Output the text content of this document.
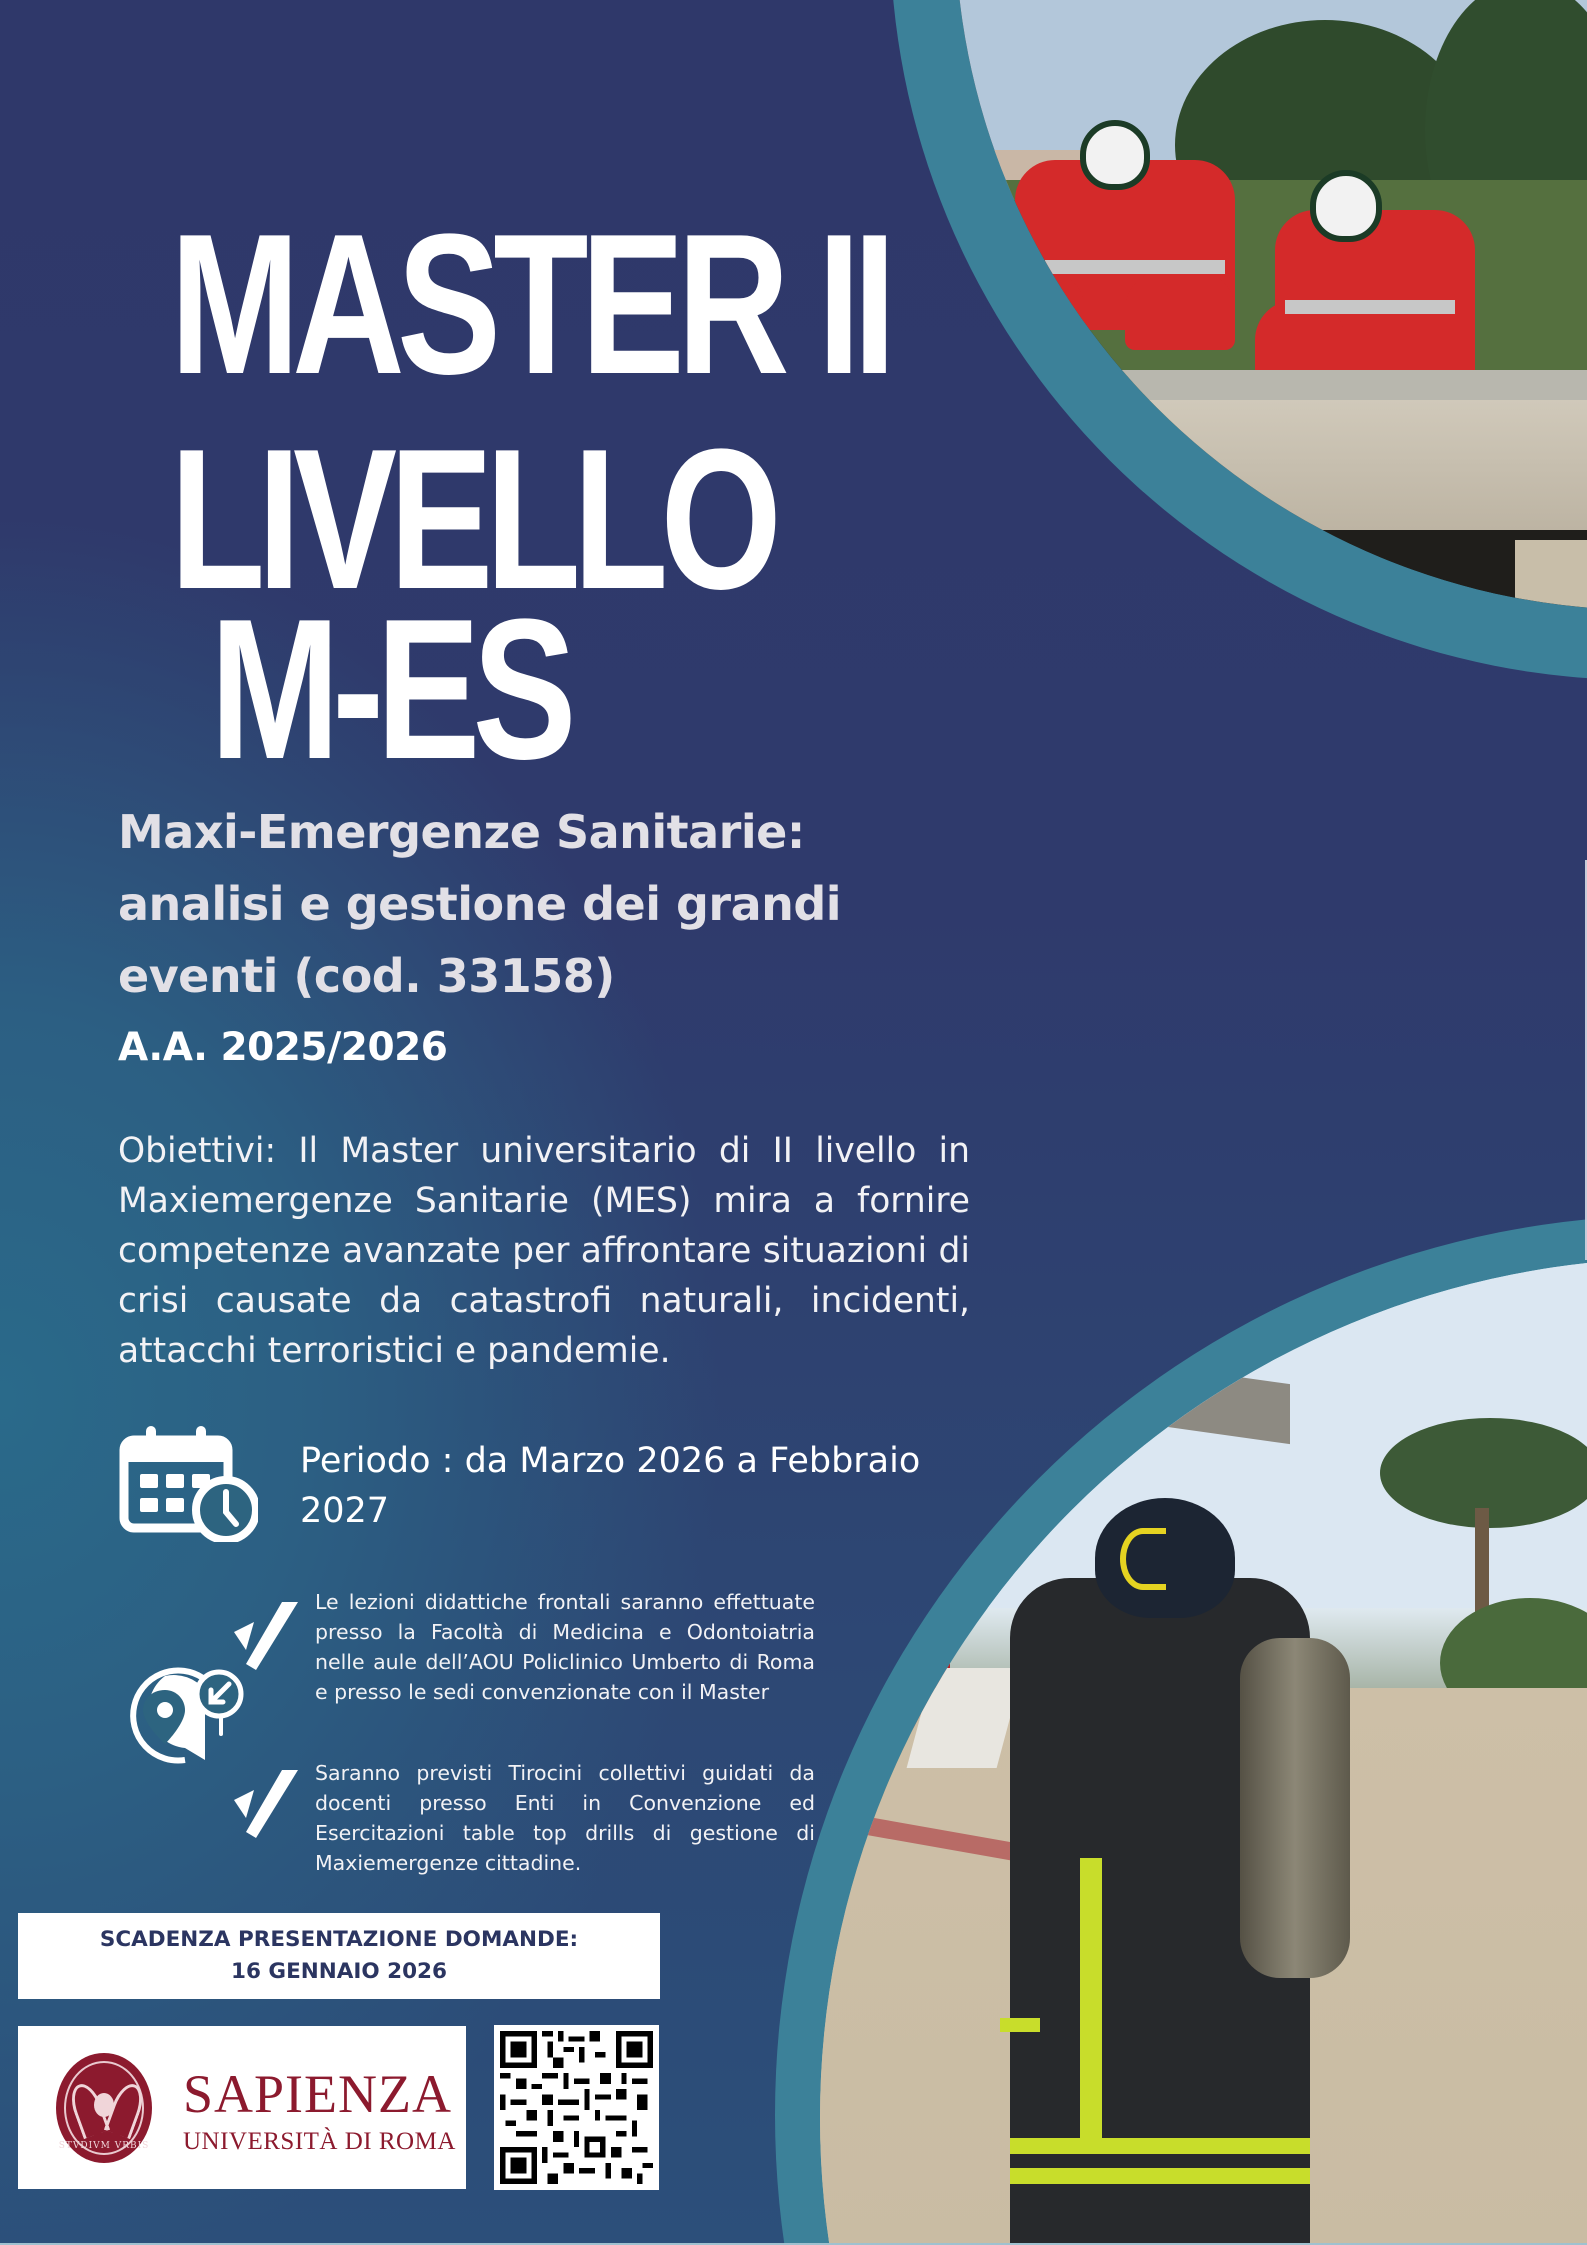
MASTER II
LIVELLO
M-ES
Maxi-Emergenze Sanitarie:
analisi e gestione dei grandi
eventi (cod. 33158)
A.A. 2025/2026
Obiettivi: Il Master universitario di II livello in Maxiemergenze Sanitarie (MES) mira a fornire competenze avanzate per affrontare situazioni di crisi causate da catastrofi naturali, incidenti, attacchi terroristici e pandemie.
Periodo : da Marzo 2026 a Febbraio 2027
Le lezioni didattiche frontali saranno effettuate presso la Facoltà di Medicina e Odontoiatria nelle aule dell’AOU Policlinico Umberto di Roma e presso le sedi convenzionate con il Master
Saranno previsti Tirocini collettivi guidati da docenti presso Enti in Convenzione ed Esercitazioni table top drills di gestione di Maxiemergenze cittadine.
SCADENZA PRESENTAZIONE DOMANDE:
16 GENNAIO 2026
STVDIVM VRBIS
SAPIENZA
UNIVERSITÀ DI ROMA
